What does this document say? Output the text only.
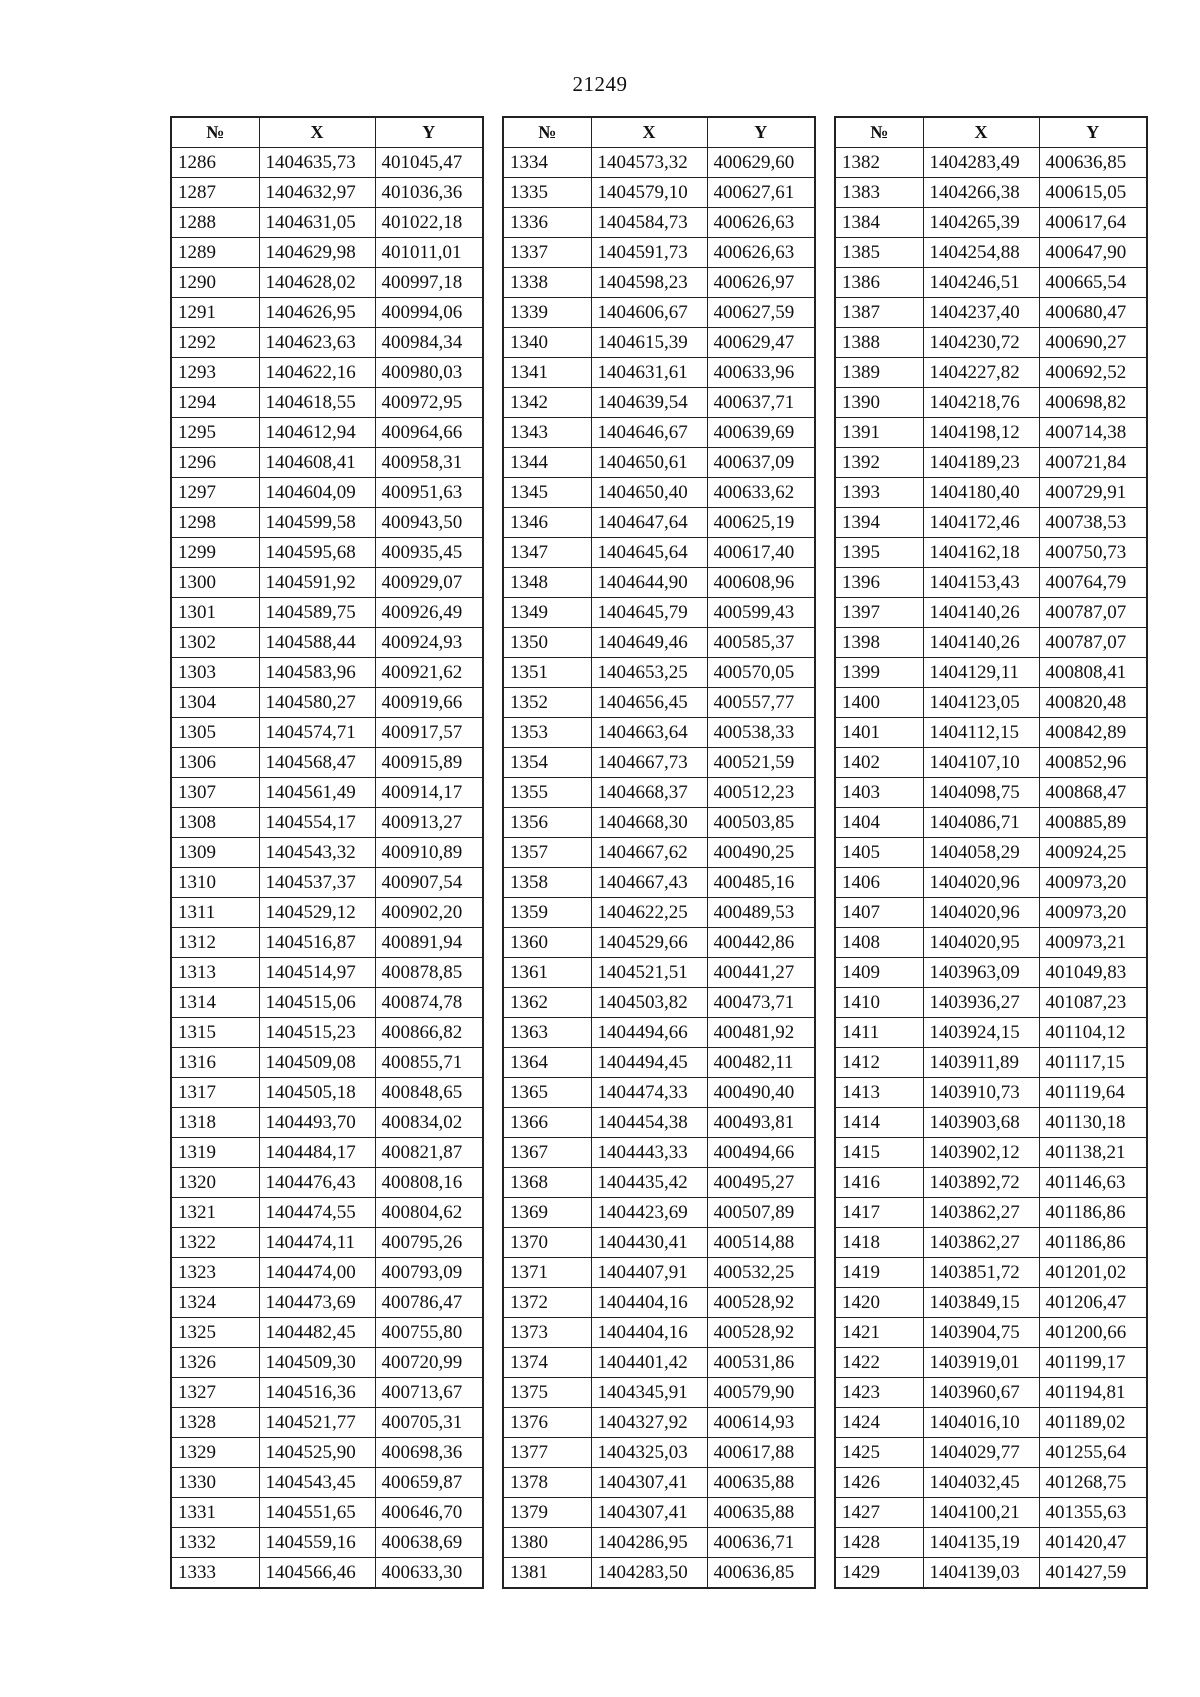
21249
№	X	Y
1286	1404635,73	401045,47
1287	1404632,97	401036,36
1288	1404631,05	401022,18
1289	1404629,98	401011,01
1290	1404628,02	400997,18
1291	1404626,95	400994,06
1292	1404623,63	400984,34
1293	1404622,16	400980,03
1294	1404618,55	400972,95
1295	1404612,94	400964,66
1296	1404608,41	400958,31
1297	1404604,09	400951,63
1298	1404599,58	400943,50
1299	1404595,68	400935,45
1300	1404591,92	400929,07
1301	1404589,75	400926,49
1302	1404588,44	400924,93
1303	1404583,96	400921,62
1304	1404580,27	400919,66
1305	1404574,71	400917,57
1306	1404568,47	400915,89
1307	1404561,49	400914,17
1308	1404554,17	400913,27
1309	1404543,32	400910,89
1310	1404537,37	400907,54
1311	1404529,12	400902,20
1312	1404516,87	400891,94
1313	1404514,97	400878,85
1314	1404515,06	400874,78
1315	1404515,23	400866,82
1316	1404509,08	400855,71
1317	1404505,18	400848,65
1318	1404493,70	400834,02
1319	1404484,17	400821,87
1320	1404476,43	400808,16
1321	1404474,55	400804,62
1322	1404474,11	400795,26
1323	1404474,00	400793,09
1324	1404473,69	400786,47
1325	1404482,45	400755,80
1326	1404509,30	400720,99
1327	1404516,36	400713,67
1328	1404521,77	400705,31
1329	1404525,90	400698,36
1330	1404543,45	400659,87
1331	1404551,65	400646,70
1332	1404559,16	400638,69
1333	1404566,46	400633,30
№	X	Y
1334	1404573,32	400629,60
1335	1404579,10	400627,61
1336	1404584,73	400626,63
1337	1404591,73	400626,63
1338	1404598,23	400626,97
1339	1404606,67	400627,59
1340	1404615,39	400629,47
1341	1404631,61	400633,96
1342	1404639,54	400637,71
1343	1404646,67	400639,69
1344	1404650,61	400637,09
1345	1404650,40	400633,62
1346	1404647,64	400625,19
1347	1404645,64	400617,40
1348	1404644,90	400608,96
1349	1404645,79	400599,43
1350	1404649,46	400585,37
1351	1404653,25	400570,05
1352	1404656,45	400557,77
1353	1404663,64	400538,33
1354	1404667,73	400521,59
1355	1404668,37	400512,23
1356	1404668,30	400503,85
1357	1404667,62	400490,25
1358	1404667,43	400485,16
1359	1404622,25	400489,53
1360	1404529,66	400442,86
1361	1404521,51	400441,27
1362	1404503,82	400473,71
1363	1404494,66	400481,92
1364	1404494,45	400482,11
1365	1404474,33	400490,40
1366	1404454,38	400493,81
1367	1404443,33	400494,66
1368	1404435,42	400495,27
1369	1404423,69	400507,89
1370	1404430,41	400514,88
1371	1404407,91	400532,25
1372	1404404,16	400528,92
1373	1404404,16	400528,92
1374	1404401,42	400531,86
1375	1404345,91	400579,90
1376	1404327,92	400614,93
1377	1404325,03	400617,88
1378	1404307,41	400635,88
1379	1404307,41	400635,88
1380	1404286,95	400636,71
1381	1404283,50	400636,85
№	X	Y
1382	1404283,49	400636,85
1383	1404266,38	400615,05
1384	1404265,39	400617,64
1385	1404254,88	400647,90
1386	1404246,51	400665,54
1387	1404237,40	400680,47
1388	1404230,72	400690,27
1389	1404227,82	400692,52
1390	1404218,76	400698,82
1391	1404198,12	400714,38
1392	1404189,23	400721,84
1393	1404180,40	400729,91
1394	1404172,46	400738,53
1395	1404162,18	400750,73
1396	1404153,43	400764,79
1397	1404140,26	400787,07
1398	1404140,26	400787,07
1399	1404129,11	400808,41
1400	1404123,05	400820,48
1401	1404112,15	400842,89
1402	1404107,10	400852,96
1403	1404098,75	400868,47
1404	1404086,71	400885,89
1405	1404058,29	400924,25
1406	1404020,96	400973,20
1407	1404020,96	400973,20
1408	1404020,95	400973,21
1409	1403963,09	401049,83
1410	1403936,27	401087,23
1411	1403924,15	401104,12
1412	1403911,89	401117,15
1413	1403910,73	401119,64
1414	1403903,68	401130,18
1415	1403902,12	401138,21
1416	1403892,72	401146,63
1417	1403862,27	401186,86
1418	1403862,27	401186,86
1419	1403851,72	401201,02
1420	1403849,15	401206,47
1421	1403904,75	401200,66
1422	1403919,01	401199,17
1423	1403960,67	401194,81
1424	1404016,10	401189,02
1425	1404029,77	401255,64
1426	1404032,45	401268,75
1427	1404100,21	401355,63
1428	1404135,19	401420,47
1429	1404139,03	401427,59
